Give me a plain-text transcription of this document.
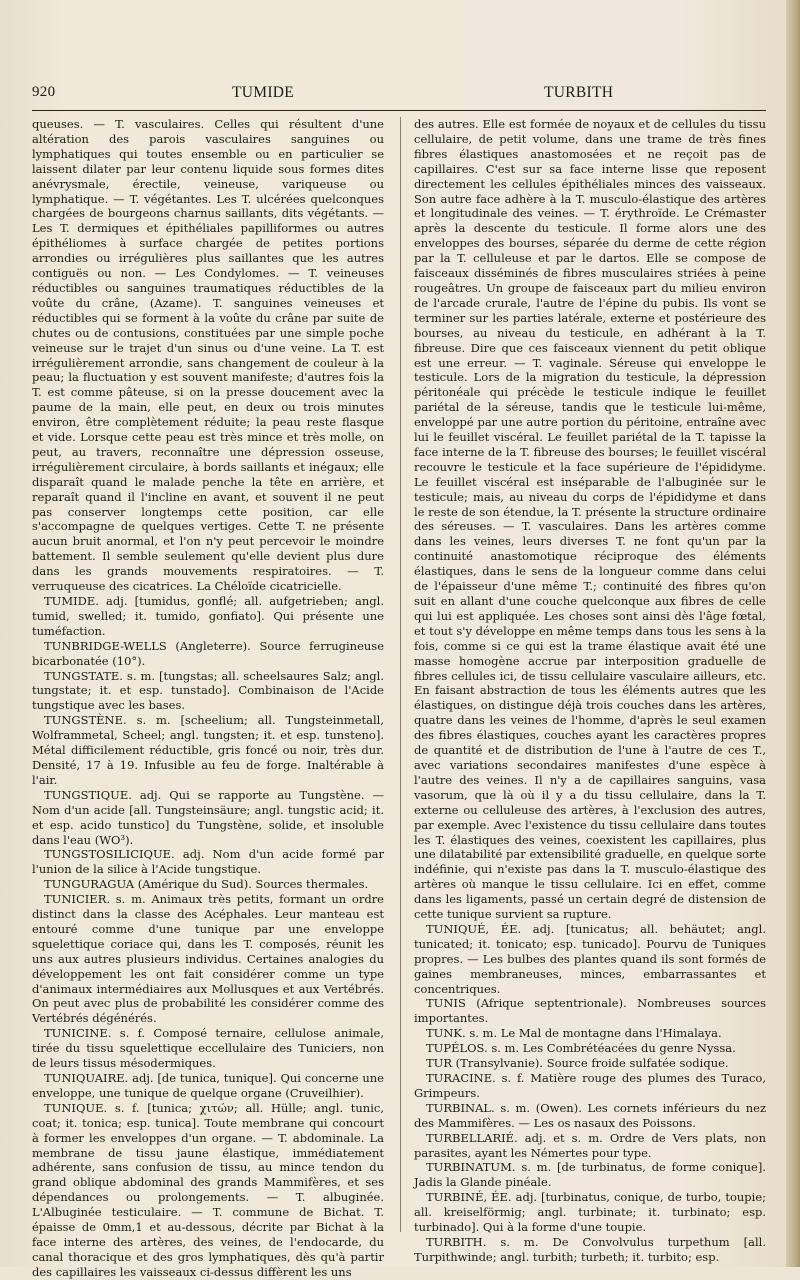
920	TUMIDE	TURBITH

queuses. — T. vasculaires. Celles qui résultent d'une altération des parois vasculaires sanguines ou lymphatiques qui toutes ensemble ou en particulier se laissent dilater par leur contenu liquide sous formes dites anévrysmale, érectile, veineuse, variqueuse ou lymphatique. — T. végétantes. Les T. ulcérées quelconques chargées de bourgeons charnus saillants, dits végétants. — Les T. dermiques et épithéliales papilliformes ou autres épithéliomes à surface chargée de petites portions arrondies ou irrégulières plus saillantes que les autres contiguës ou non. — Les Condylomes. — T. veineuses réductibles ou sanguines traumatiques réductibles de la voûte du crâne, (Azame). T. sanguines veineuses et réductibles qui se forment à la voûte du crâne par suite de chutes ou de contusions, constituées par une simple poche veineuse sur le trajet d'un sinus ou d'une veine. La T. est irrégulièrement arrondie, sans changement de couleur à la peau; la fluctuation y est souvent manifeste; d'autres fois la T. est comme pâteuse, si on la presse doucement avec la paume de la main, elle peut, en deux ou trois minutes environ, être complètement réduite; la peau reste flasque et vide. Lorsque cette peau est très mince et très molle, on peut, au travers, reconnaître une dépression osseuse, irrégulièrement circulaire, à bords saillants et inégaux; elle disparaît quand le malade penche la tête en arrière, et reparaît quand il l'incline en avant, et souvent il ne peut pas conserver longtemps cette position, car elle s'accompagne de quelques vertiges. Cette T. ne présente aucun bruit anormal, et l'on n'y peut percevoir le moindre battement. Il semble seulement qu'elle devient plus dure dans les grands mouvements respiratoires. — T. verruqueuse des cicatrices. La Chéloïde cicatricielle.

TUMIDE. adj. [tumidus, gonflé; all. aufgetrieben; angl. tumid, swelled; it. tumido, gonfiato]. Qui présente une tuméfaction.

TUNBRIDGE-WELLS (Angleterre). Source ferrugineuse bicarbonatée (10°).

TUNGSTATE. s. m. [tungstas; all. scheelsaures Salz; angl. tungstate; it. et esp. tunstado]. Combinaison de l'Acide tungstique avec les bases.

TUNGSTÈNE. s. m. [scheelium; all. Tungsteinmetall, Wolframmetal, Scheel; angl. tungsten; it. et esp. tunsteno]. Métal difficilement réductible, gris foncé ou noir, très dur. Densité, 17 à 19. Infusible au feu de forge. Inaltérable à l'air.

TUNGSTIQUE. adj. Qui se rapporte au Tungstène. — Nom d'un acide [all. Tungsteinsäure; angl. tungstic acid; it. et esp. acido tunstico] du Tungstène, solide, et insoluble dans l'eau (WO³).

TUNGSTOSILICIQUE. adj. Nom d'un acide formé par l'union de la silice à l'Acide tungstique.

TUNGURAGUA (Amérique du Sud). Sources thermales.

TUNICIER. s. m. Animaux très petits, formant un ordre distinct dans la classe des Acéphales. Leur manteau est entouré comme d'une tunique par une enveloppe squelettique coriace qui, dans les T. composés, réunit les uns aux autres plusieurs individus. Certaines analogies du développement les ont fait considérer comme un type d'animaux intermédiaires aux Mollusques et aux Vertébrés. On peut avec plus de probabilité les considérer comme des Vertébrés dégénérés.

TUNICINE. s. f. Composé ternaire, cellulose animale, tirée du tissu squelettique eccellulaire des Tuniciers, non de leurs tissus mésodermiques.

TUNIQUAIRE. adj. [de tunica, tunique]. Qui concerne une enveloppe, une tunique de quelque organe (Cruveilhier).

TUNIQUE. s. f. [tunica; χιτών; all. Hülle; angl. tunic, coat; it. tonica; esp. tunica]. Toute membrane qui concourt à former les enveloppes d'un organe. — T. abdominale. La membrane de tissu jaune élastique, immédiatement adhérente, sans confusion de tissu, au mince tendon du grand oblique abdominal des grands Mammifères, et ses dépendances ou prolongements. — T. albuginée. L'Albuginée testiculaire. — T. commune de Bichat. T. épaisse de 0mm,1 et au-dessous, décrite par Bichat à la face interne des artères, des veines, de l'endocarde, du canal thoracique et des gros lymphatiques, dès qu'à partir des capillaires les vaisseaux ci-dessus diffèrent les uns

des autres. Elle est formée de noyaux et de cellules du tissu cellulaire, de petit volume, dans une trame de très fines fibres élastiques anastomosées et ne reçoit pas de capillaires. C'est sur sa face interne lisse que reposent directement les cellules épithéliales minces des vaisseaux. Son autre face adhère à la T. musculo-élastique des artères et longitudinale des veines. — T. érythroïde. Le Crémaster après la descente du testicule. Il forme alors une des enveloppes des bourses, séparée du derme de cette région par la T. celluleuse et par le dartos. Elle se compose de faisceaux disséminés de fibres musculaires striées à peine rougeâtres. Un groupe de faisceaux part du milieu environ de l'arcade crurale, l'autre de l'épine du pubis. Ils vont se terminer sur les parties latérale, externe et postérieure des bourses, au niveau du testicule, en adhérant à la T. fibreuse. Dire que ces faisceaux viennent du petit oblique est une erreur. — T. vaginale. Séreuse qui enveloppe le testicule. Lors de la migration du testicule, la dépression péritonéale qui précède le testicule indique le feuillet pariétal de la séreuse, tandis que le testicule lui-même, enveloppé par une autre portion du péritoine, entraîne avec lui le feuillet viscéral. Le feuillet pariétal de la T. tapisse la face interne de la T. fibreuse des bourses; le feuillet viscéral recouvre le testicule et la face supérieure de l'épididyme. Le feuillet viscéral est inséparable de l'albuginée sur le testicule; mais, au niveau du corps de l'épididyme et dans le reste de son étendue, la T. présente la structure ordinaire des séreuses. — T. vasculaires. Dans les artères comme dans les veines, leurs diverses T. ne font qu'un par la continuité anastomotique réciproque des éléments élastiques, dans le sens de la longueur comme dans celui de l'épaisseur d'une même T.; continuité des fibres qu'on suit en allant d'une couche quelconque aux fibres de celle qui lui est appliquée. Les choses sont ainsi dès l'âge fœtal, et tout s'y développe en même temps dans tous les sens à la fois, comme si ce qui est la trame élastique avait été une masse homogène accrue par interposition graduelle de fibres cellules ici, de tissu cellulaire vasculaire ailleurs, etc. En faisant abstraction de tous les éléments autres que les élastiques, on distingue déjà trois couches dans les artères, quatre dans les veines de l'homme, d'après le seul examen des fibres élastiques, couches ayant les caractères propres de quantité et de distribution de l'une à l'autre de ces T., avec variations secondaires manifestes d'une espèce à l'autre des veines. Il n'y a de capillaires sanguins, vasa vasorum, que là où il y a du tissu cellulaire, dans la T. externe ou celluleuse des artères, à l'exclusion des autres, par exemple. Avec l'existence du tissu cellulaire dans toutes les T. élastiques des veines, coexistent les capillaires, plus une dilatabilité par extensibilité graduelle, en quelque sorte indéfinie, qui n'existe pas dans la T. musculo-élastique des artères où manque le tissu cellulaire. Ici en effet, comme dans les ligaments, passé un certain degré de distension de cette tunique survient sa rupture.

TUNIQUÉ, ÉE. adj. [tunicatus; all. behäutet; angl. tunicated; it. tonicato; esp. tunicado]. Pourvu de Tuniques propres. — Les bulbes des plantes quand ils sont formés de gaines membraneuses, minces, embarrassantes et concentriques.

TUNIS (Afrique septentrionale). Nombreuses sources importantes.

TUNK. s. m. Le Mal de montagne dans l'Himalaya.

TUPÉLOS. s. m. Les Combrétéacées du genre Nyssa.

TUR (Transylvanie). Source froide sulfatée sodique.

TURACINE. s. f. Matière rouge des plumes des Turaco, Grimpeurs.

TURBINAL. s. m. (Owen). Les cornets inférieurs du nez des Mammifères. — Les os nasaux des Poissons.

TURBELLARIÉ. adj. et s. m. Ordre de Vers plats, non parasites, ayant les Némertes pour type.

TURBINATUM. s. m. [de turbinatus, de forme conique]. Jadis la Glande pinéale.

TURBINÉ, ÉE. adj. [turbinatus, conique, de turbo, toupie; all. kreiselförmig; angl. turbinate; it. turbinato; esp. turbinado]. Qui à la forme d'une toupie.

TURBITH. s. m. De Convolvulus turpethum [all. Turpithwinde; angl. turbith; turbeth; it. turbito; esp.
